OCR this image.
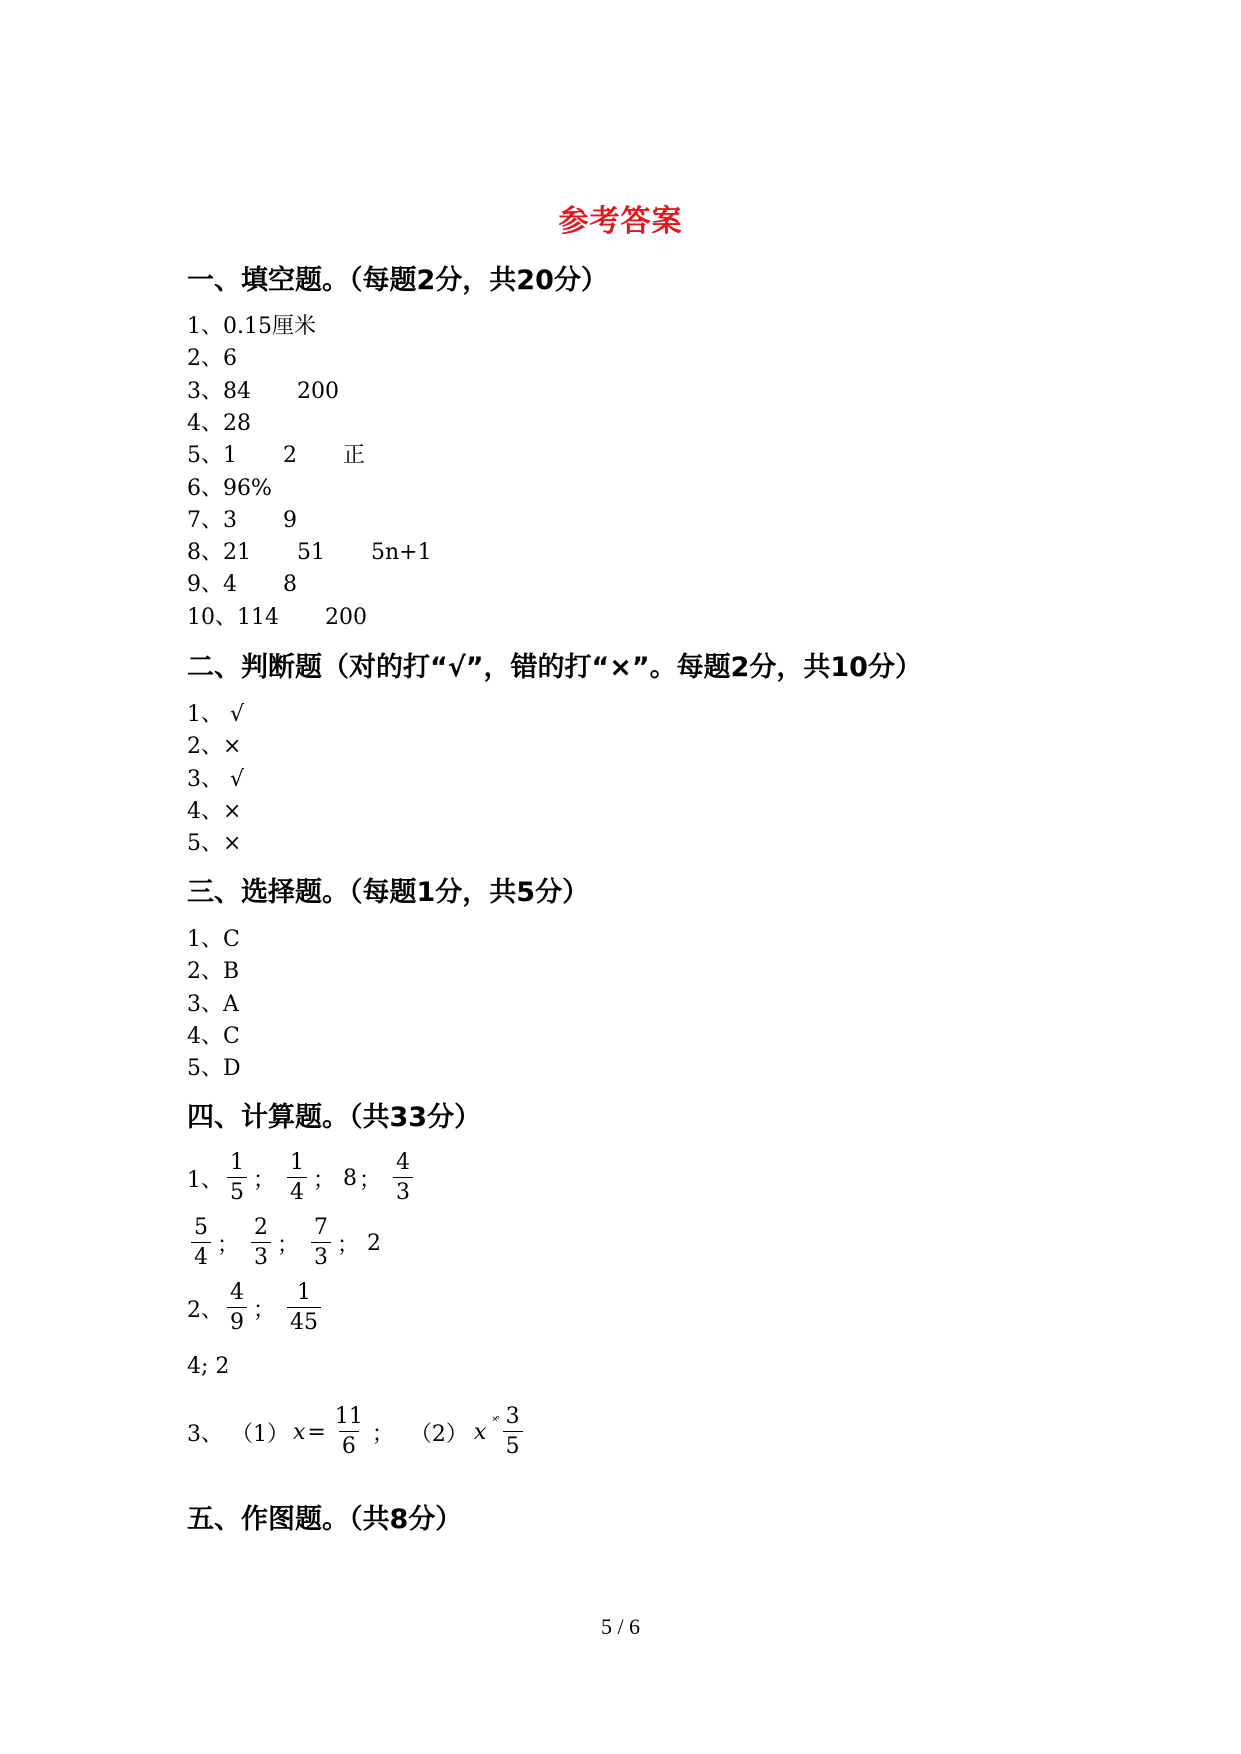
参考答案
一、填空题。（每题2分，共20分）
1、0.15厘米
2、6
3、84 200
4、28
5、1 2 正
6、96%
7、3 9
8、21 51 5n+1
9、4 8
10、114 200
二、判断题（对的打“√”，错的打“×”。每题2分，共10分）
1、 √
2、×
3、 √
4、×
5、×
三、选择题。（每题1分，共5分）
1、C
2、B
3、A
4、C
5、D
四、计算题。（共33分）
1、 $\frac{1}{5}$ ； $\frac{1}{4}$ ； 8 ； $\frac{4}{3}$
$\frac{5}{4}$ ； $\frac{2}{3}$ ； $\frac{7}{3}$ ； 2
2、 $\frac{4}{9}$ ； $\frac{1}{45}$
4; 2
3、 （1） $x = \frac{11}{6}$ ； （2） x ˟̊ $\frac{3}{5}$
五、作图题。（共8分）
5 / 6
